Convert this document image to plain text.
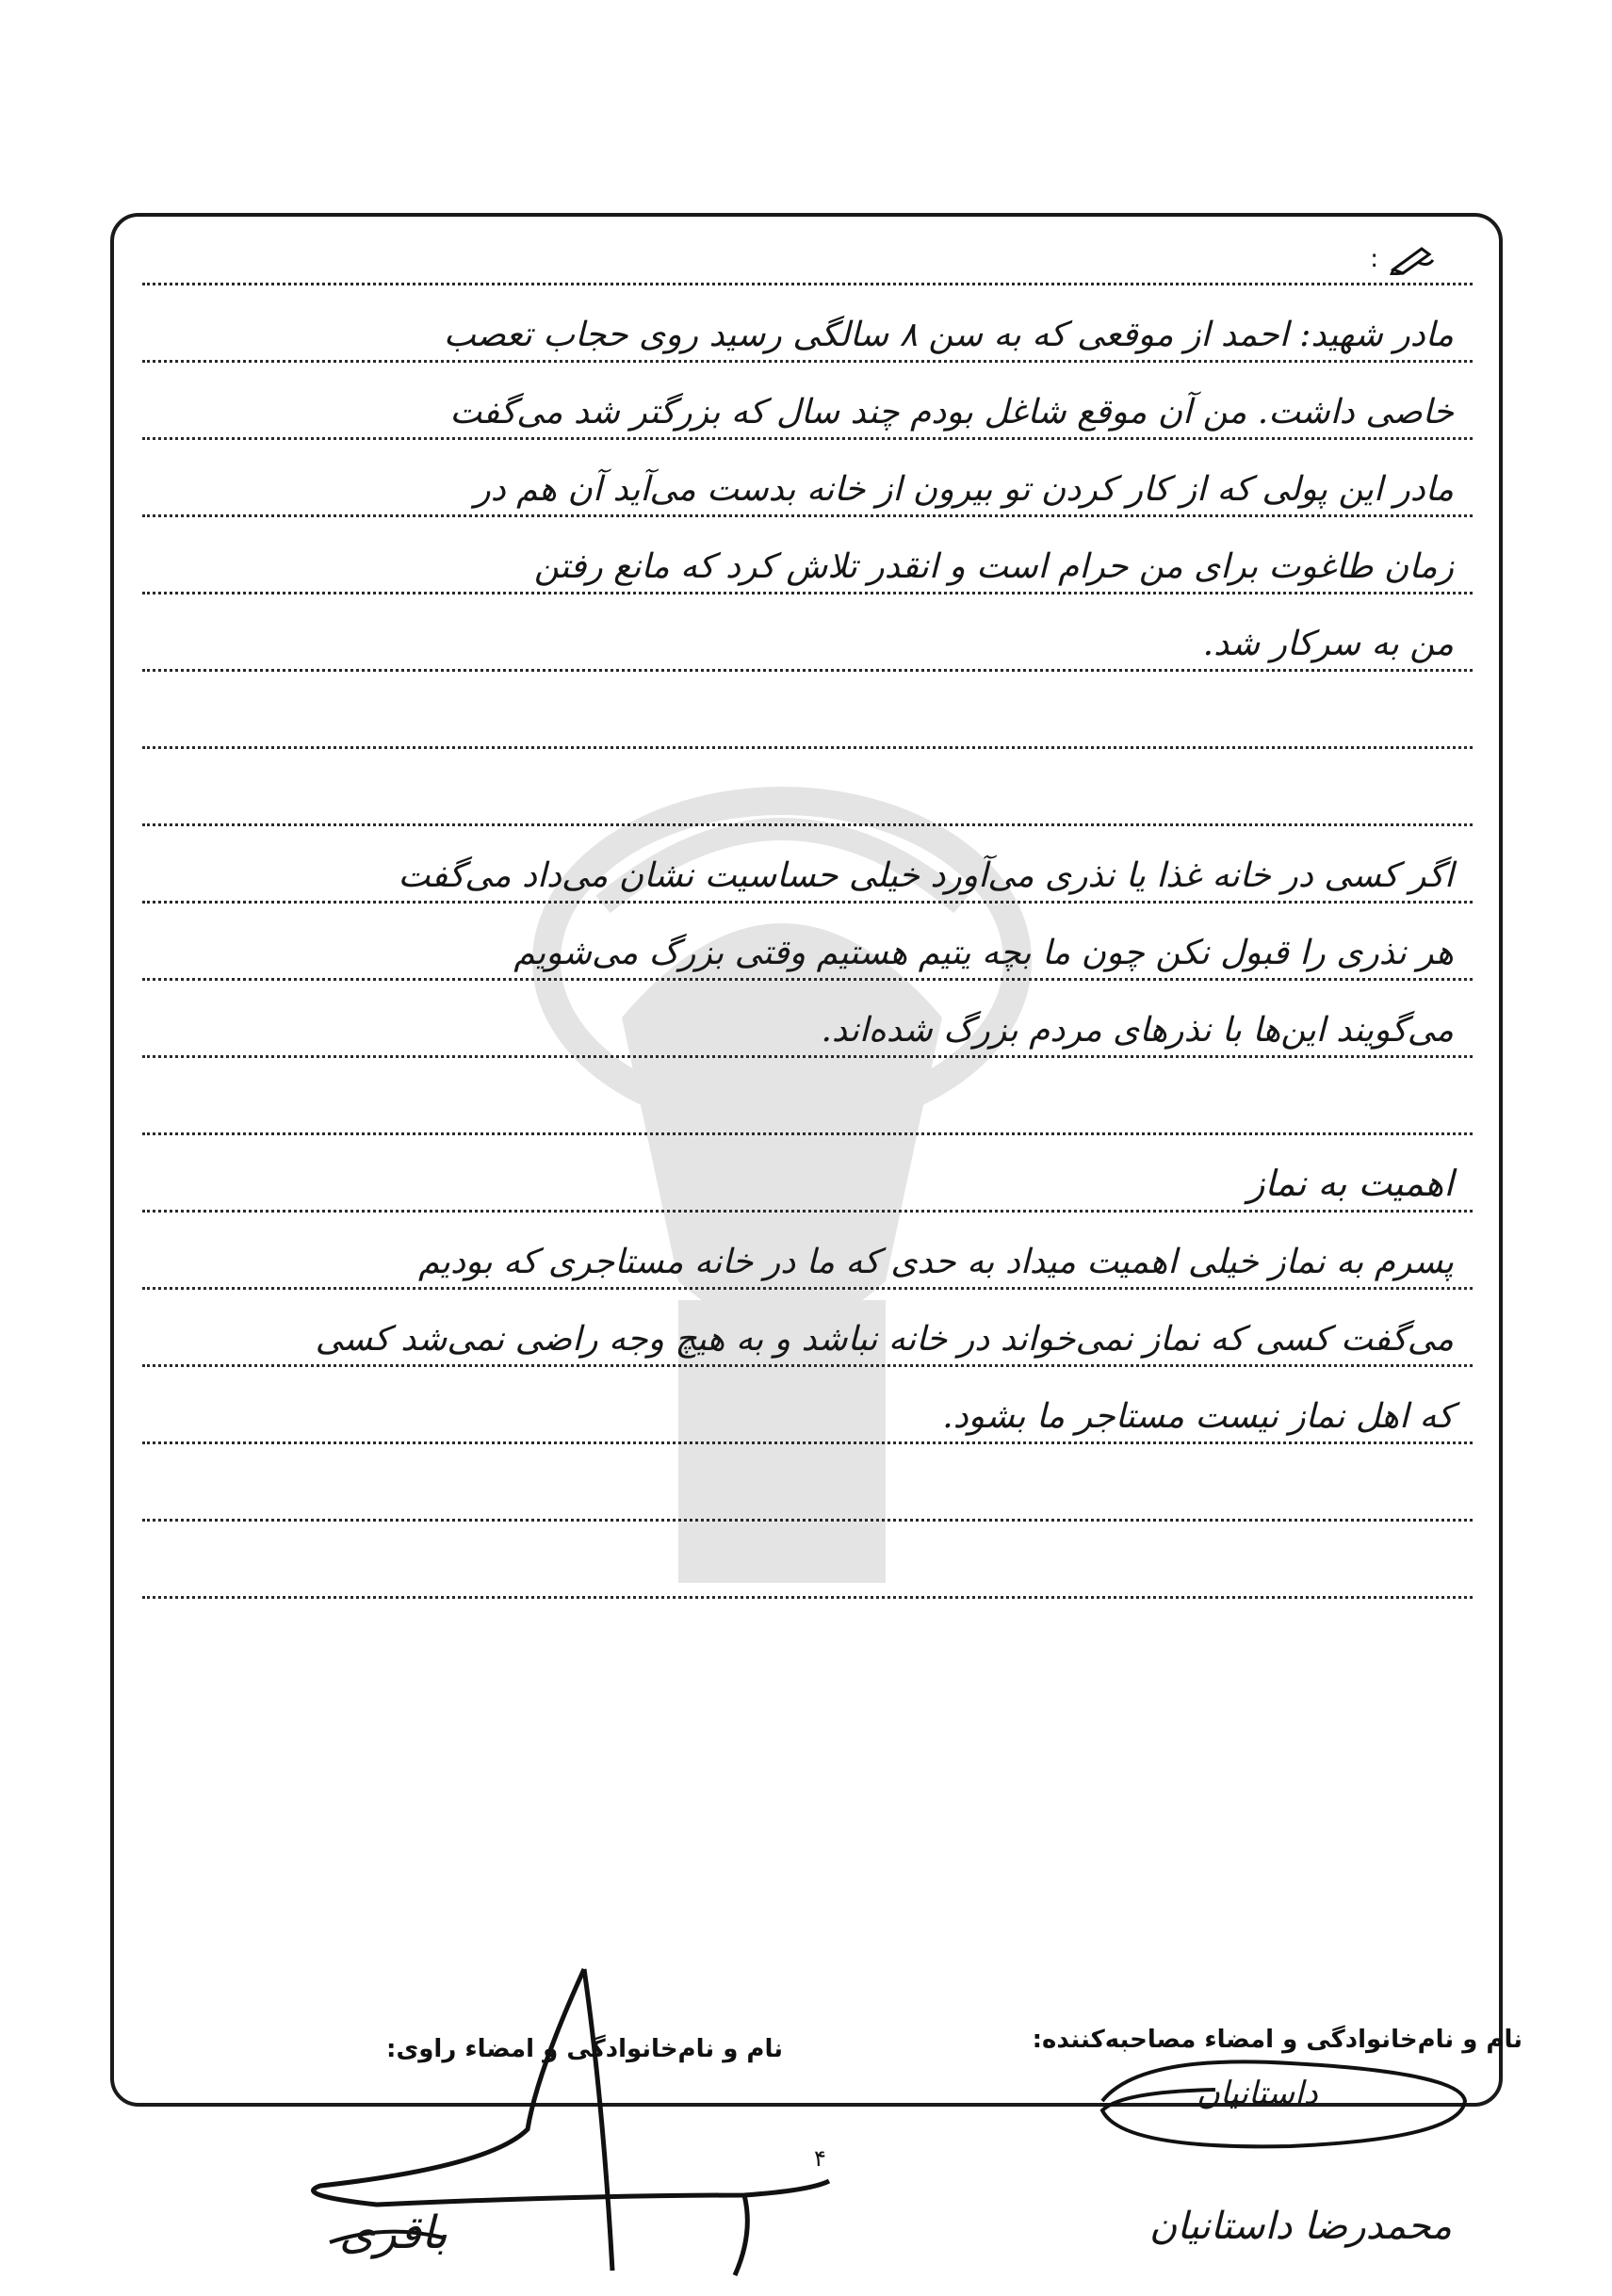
:
مادر شهید: احمد از موقعی که به سن ۸ سالگی رسید روی حجاب تعصب
خاصی داشت. من آن موقع شاغل بودم چند سال که بزرگتر شد می‌گفت
مادر این پولی که از کار کردن تو بیرون از خانه بدست می‌آید آن هم در
زمان طاغوت برای من حرام است و انقدر تلاش کرد که مانع رفتن
من به سرکار شد.
اگر کسی در خانه غذا یا نذری می‌آورد خیلی حساسیت نشان می‌داد می‌گفت
هر نذری را قبول نکن چون ما بچه یتیم هستیم وقتی بزرگ می‌شویم
می‌گویند این‌ها با نذرهای مردم بزرگ شده‌اند.
اهمیت به نماز
پسرم به نماز خیلی اهمیت میداد به حدی که ما در خانه مستاجری که بودیم
می‌گفت کسی که نماز نمی‌خواند در خانه نباشد و به هیچ وجه راضی نمی‌شد کسی
که اهل نماز نیست مستاجر ما بشود.
نام و نام‌خانوادگی و امضاء مصاحبه‌کننده:
نام و نام‌خانوادگی و امضاء راوی:
۴
داستانیان
محمدرضا داستانیان
باقری
